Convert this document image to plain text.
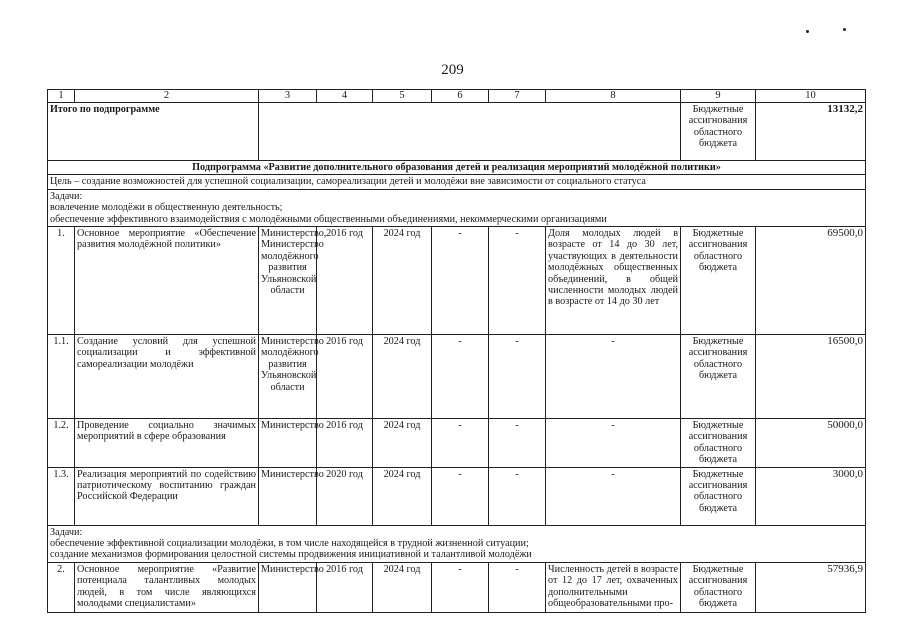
209
1	2	3	4	5	6	7	8	9	10
Итого по подпрограмме								Бюджетные ассигнования областного бюджета	13132,2
Подпрограмма «Развитие дополнительного образования детей и реализация мероприятий молодёжной политики»									
Цель – создание возможностей для успешной социализации, самореализации детей и молодёжи вне зависимости от социального статуса									

Задачи:
вовлечение молодёжи в общественную деятельность;
обеспечение эффективного взаимодействия с молодёжными общественными объединениями, некоммерческими организациями									

1.	Основное мероприятие «Обеспечение развития молодёжной политики»	Министерство, Министерство молодёжного развития Ульяновской области	2016 год	2024 год	-	-	Доля молодых людей в возрасте от 14 до 30 лет, участвующих в деятельности молодёжных общественных объединений, в общей численности молодых людей в возрасте от 14 до 30 лет	Бюджетные ассигнования областного бюджета	69500,0
1.1.	Создание условий для успешной социализации и эффективной самореализации молодёжи	Министерство молодёжного развития Ульяновской области	2016 год	2024 год	-	-	-	Бюджетные ассигнования областного бюджета	16500,0
1.2.	Проведение социально значимых мероприятий в сфере образования	Министерство	2016 год	2024 год	-	-	-	Бюджетные ассигнования областного бюджета	50000,0
1.3.	Реализация мероприятий по содействию патриотическому воспитанию граждан Российской Федерации	Министерство	2020 год	2024 год	-	-	-	Бюджетные ассигнования областного бюджета	3000,0

Задачи:
обеспечение эффективной социализации молодёжи, в том числе находящейся в трудной жизненной ситуации;
создание механизмов формирования целостной системы продвижения инициативной и талантливой молодёжи									

2.	Основное мероприятие «Развитие потенциала талантливых молодых людей, в том числе являющихся молодыми специалистами»	Министерство	2016 год	2024 год	-	-	Численность детей в возрасте от 12 до 17 лет, охваченных дополнительными общеобразовательными про-	Бюджетные ассигнования областного бюджета	57936,9
